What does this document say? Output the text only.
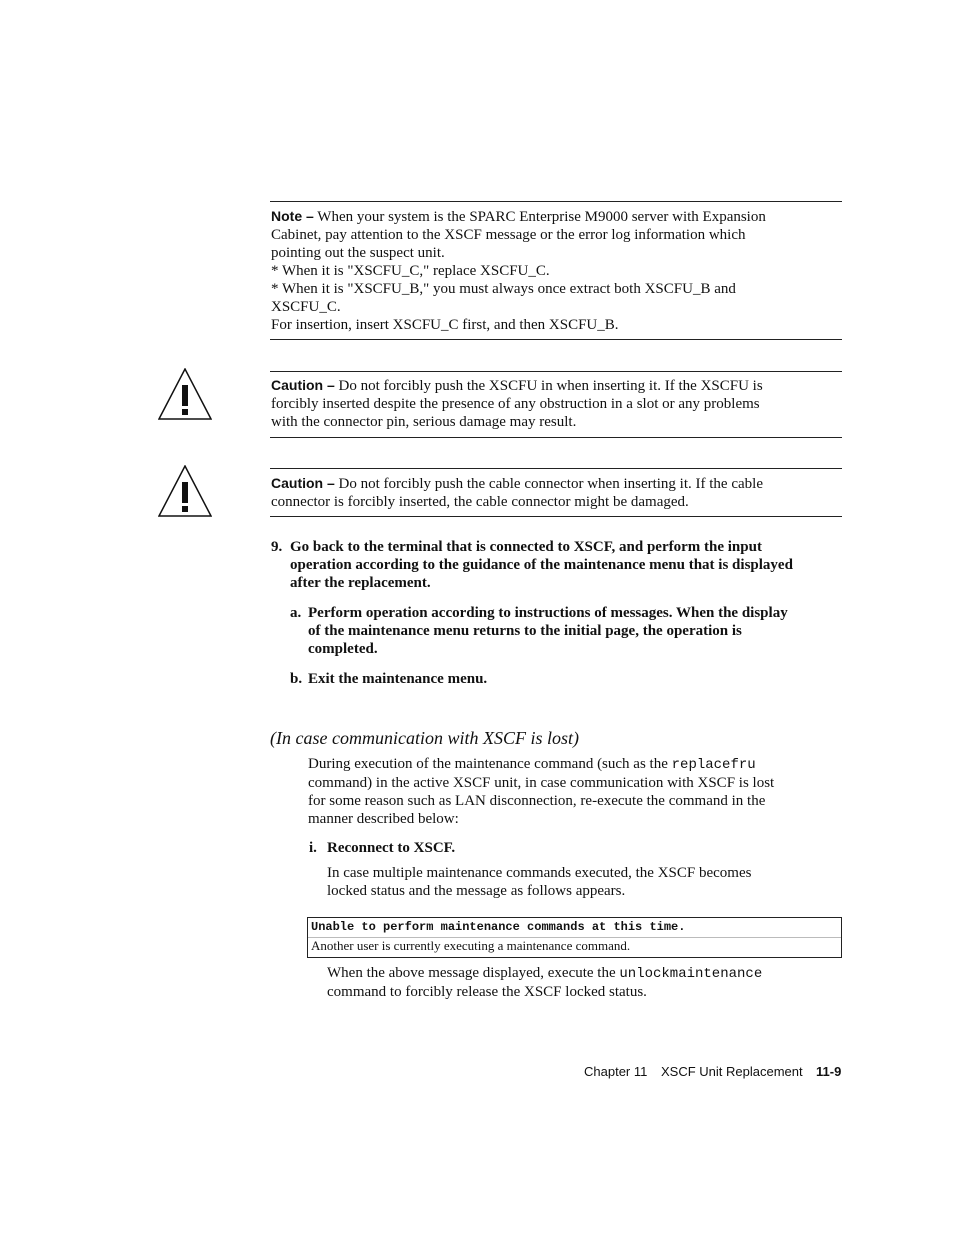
Note – When your system is the SPARC Enterprise M9000 server with Expansion

Cabinet, pay attention to the XSCF message or the error log information which

pointing out the suspect unit.

* When it is "XSCFU_C," replace XSCFU_C.

* When it is "XSCFU_B," you must always once extract both XSCFU_B and

XSCFU_C.

For insertion, insert XSCFU_C first, and then XSCFU_B.

Caution – Do not forcibly push the XSCFU in when inserting it. If the XSCFU is

forcibly inserted despite the presence of any obstruction in a slot or any problems

with the connector pin, serious damage may result.

Caution – Do not forcibly push the cable connector when inserting it. If the cable

connector is forcibly inserted, the cable connector might be damaged.

9. Go back to the terminal that is connected to XSCF, and perform the input
operation according to the guidance of the maintenance menu that is displayed
after the replacement.
a. Perform operation according to instructions of messages. When the display
of the maintenance menu returns to the initial page, the operation is
completed.
b. Exit the maintenance menu.
(In case communication with XSCF is lost)
During execution of the maintenance command (such as the replacefru
command) in the active XSCF unit, in case communication with XSCF is lost
for some reason such as LAN disconnection, re-execute the command in the
manner described below:
i. Reconnect to XSCF.
In case multiple maintenance commands executed, the XSCF becomes
locked status and the message as follows appears.
Unable to perform maintenance commands at this time.
Another user is currently executing a maintenance command.
When the above message displayed, execute the unlockmaintenance
command to forcibly release the XSCF locked status.
Chapter 11 XSCF Unit Replacement 11-9
